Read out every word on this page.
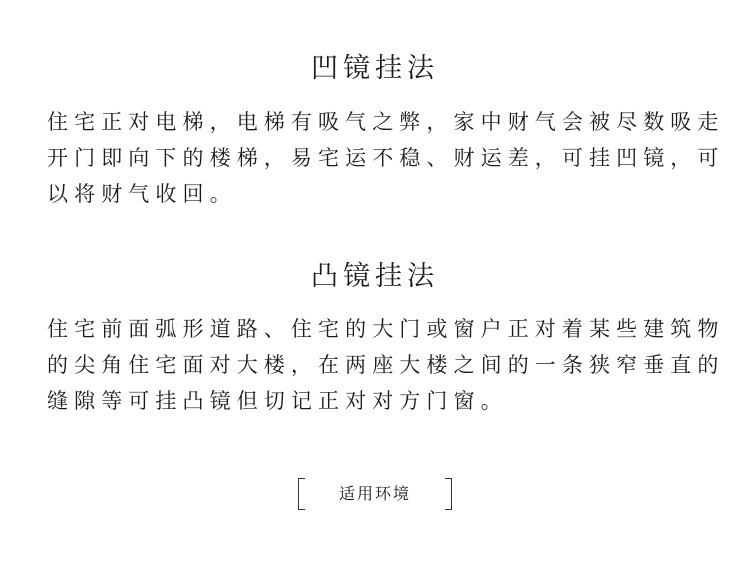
凹镜挂法

住宅正对电梯，电梯有吸气之弊，家中财气会被尽数吸走开门即向下的楼梯，易宅运不稳、财运差，可挂凹镜，可以将财气收回。

凸镜挂法

住宅前面弧形道路、住宅的大门或窗户正对着某些建筑物的尖角住宅面对大楼，在两座大楼之间的一条狭窄垂直的缝隙等可挂凸镜但切记正对对方门窗。

适用环境
